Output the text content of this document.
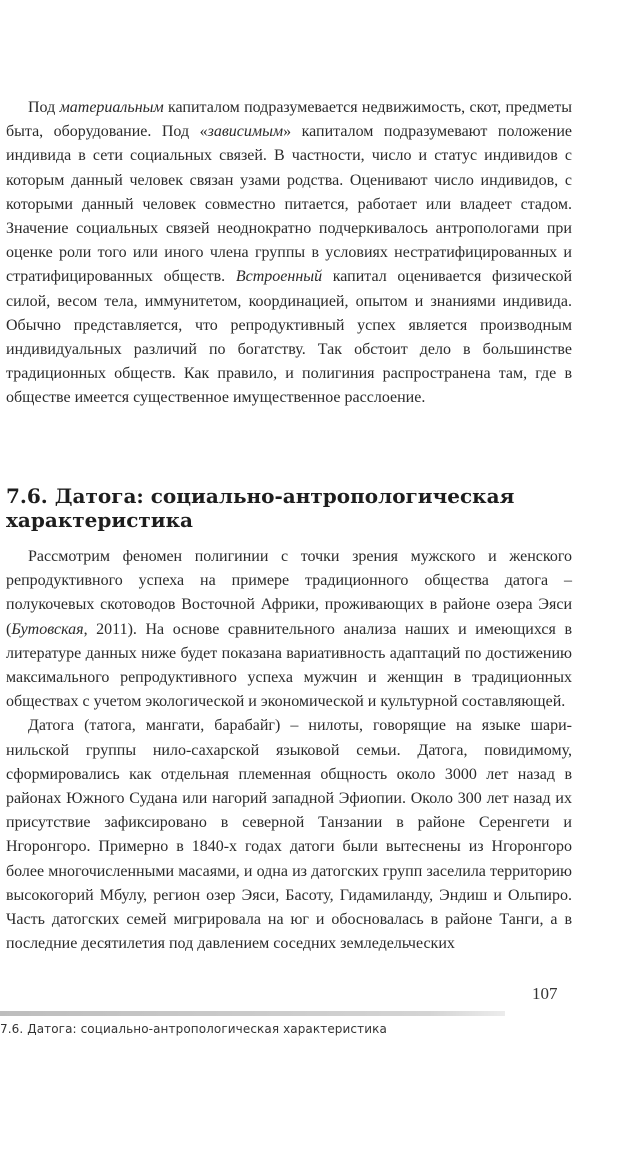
Под материальным капиталом подразумевается недвижимость, скот, предметы быта, оборудование. Под «зависимым» капиталом подразумевают положение индивида в сети социальных связей. В частности, число и статус индивидов с которым данный человек связан узами родства. Оценивают число индивидов, с которыми данный человек совместно питается, работает или владеет стадом. Значение социальных связей неоднократно подчеркивалось антропологами при оценке роли того или иного члена группы в условиях нестратифицированных и стратифицированных обществ. Встроенный капитал оценивается физической силой, весом тела, иммунитетом, координацией, опытом и знаниями индивида. Обычно представляется, что репродуктивный успех является производным индивидуальных различий по богатству. Так обстоит дело в большинстве традиционных обществ. Как правило, и полигиния распространена там, где в обществе имеется существенное имущественное расслоение.

7.6. Датога: социально-антропологическая характеристика

Рассмотрим феномен полигинии с точки зрения мужского и женского репродуктивного успеха на примере традиционного общества датога – полукочевых скотоводов Восточной Африки, проживающих в районе озера Эяси (Бутовская, 2011). На основе сравнительного анализа наших и имеющихся в литературе данных ниже будет показана вариативность адаптаций по достижению максимального репродуктивного успеха мужчин и женщин в традиционных обществах с учетом экологической и экономической и культурной составляющей.

Датога (татога, мангати, барабайг) – нилоты, говорящие на языке шари-нильской группы нило-сахарской языковой семьи. Датога, повидимому, сформировались как отдельная племенная общность около 3000 лет назад в районах Южного Судана или нагорий западной Эфиопии. Около 300 лет назад их присутствие зафиксировано в северной Танзании в районе Серенгети и Нгоронгоро. Примерно в 1840-х годах датоги были вытеснены из Нгоронгоро более многочисленными масаями, и одна из датогских групп заселила территорию высокогорий Мбулу, регион озер Эяси, Басоту, Гидамиланду, Эндиш и Ольпиро. Часть датогских семей мигрировала на юг и обосновалась в районе Танги, а в последние десятилетия под давлением соседних земледельческих

7.6. Датога: социально-антропологическая характеристика
107
